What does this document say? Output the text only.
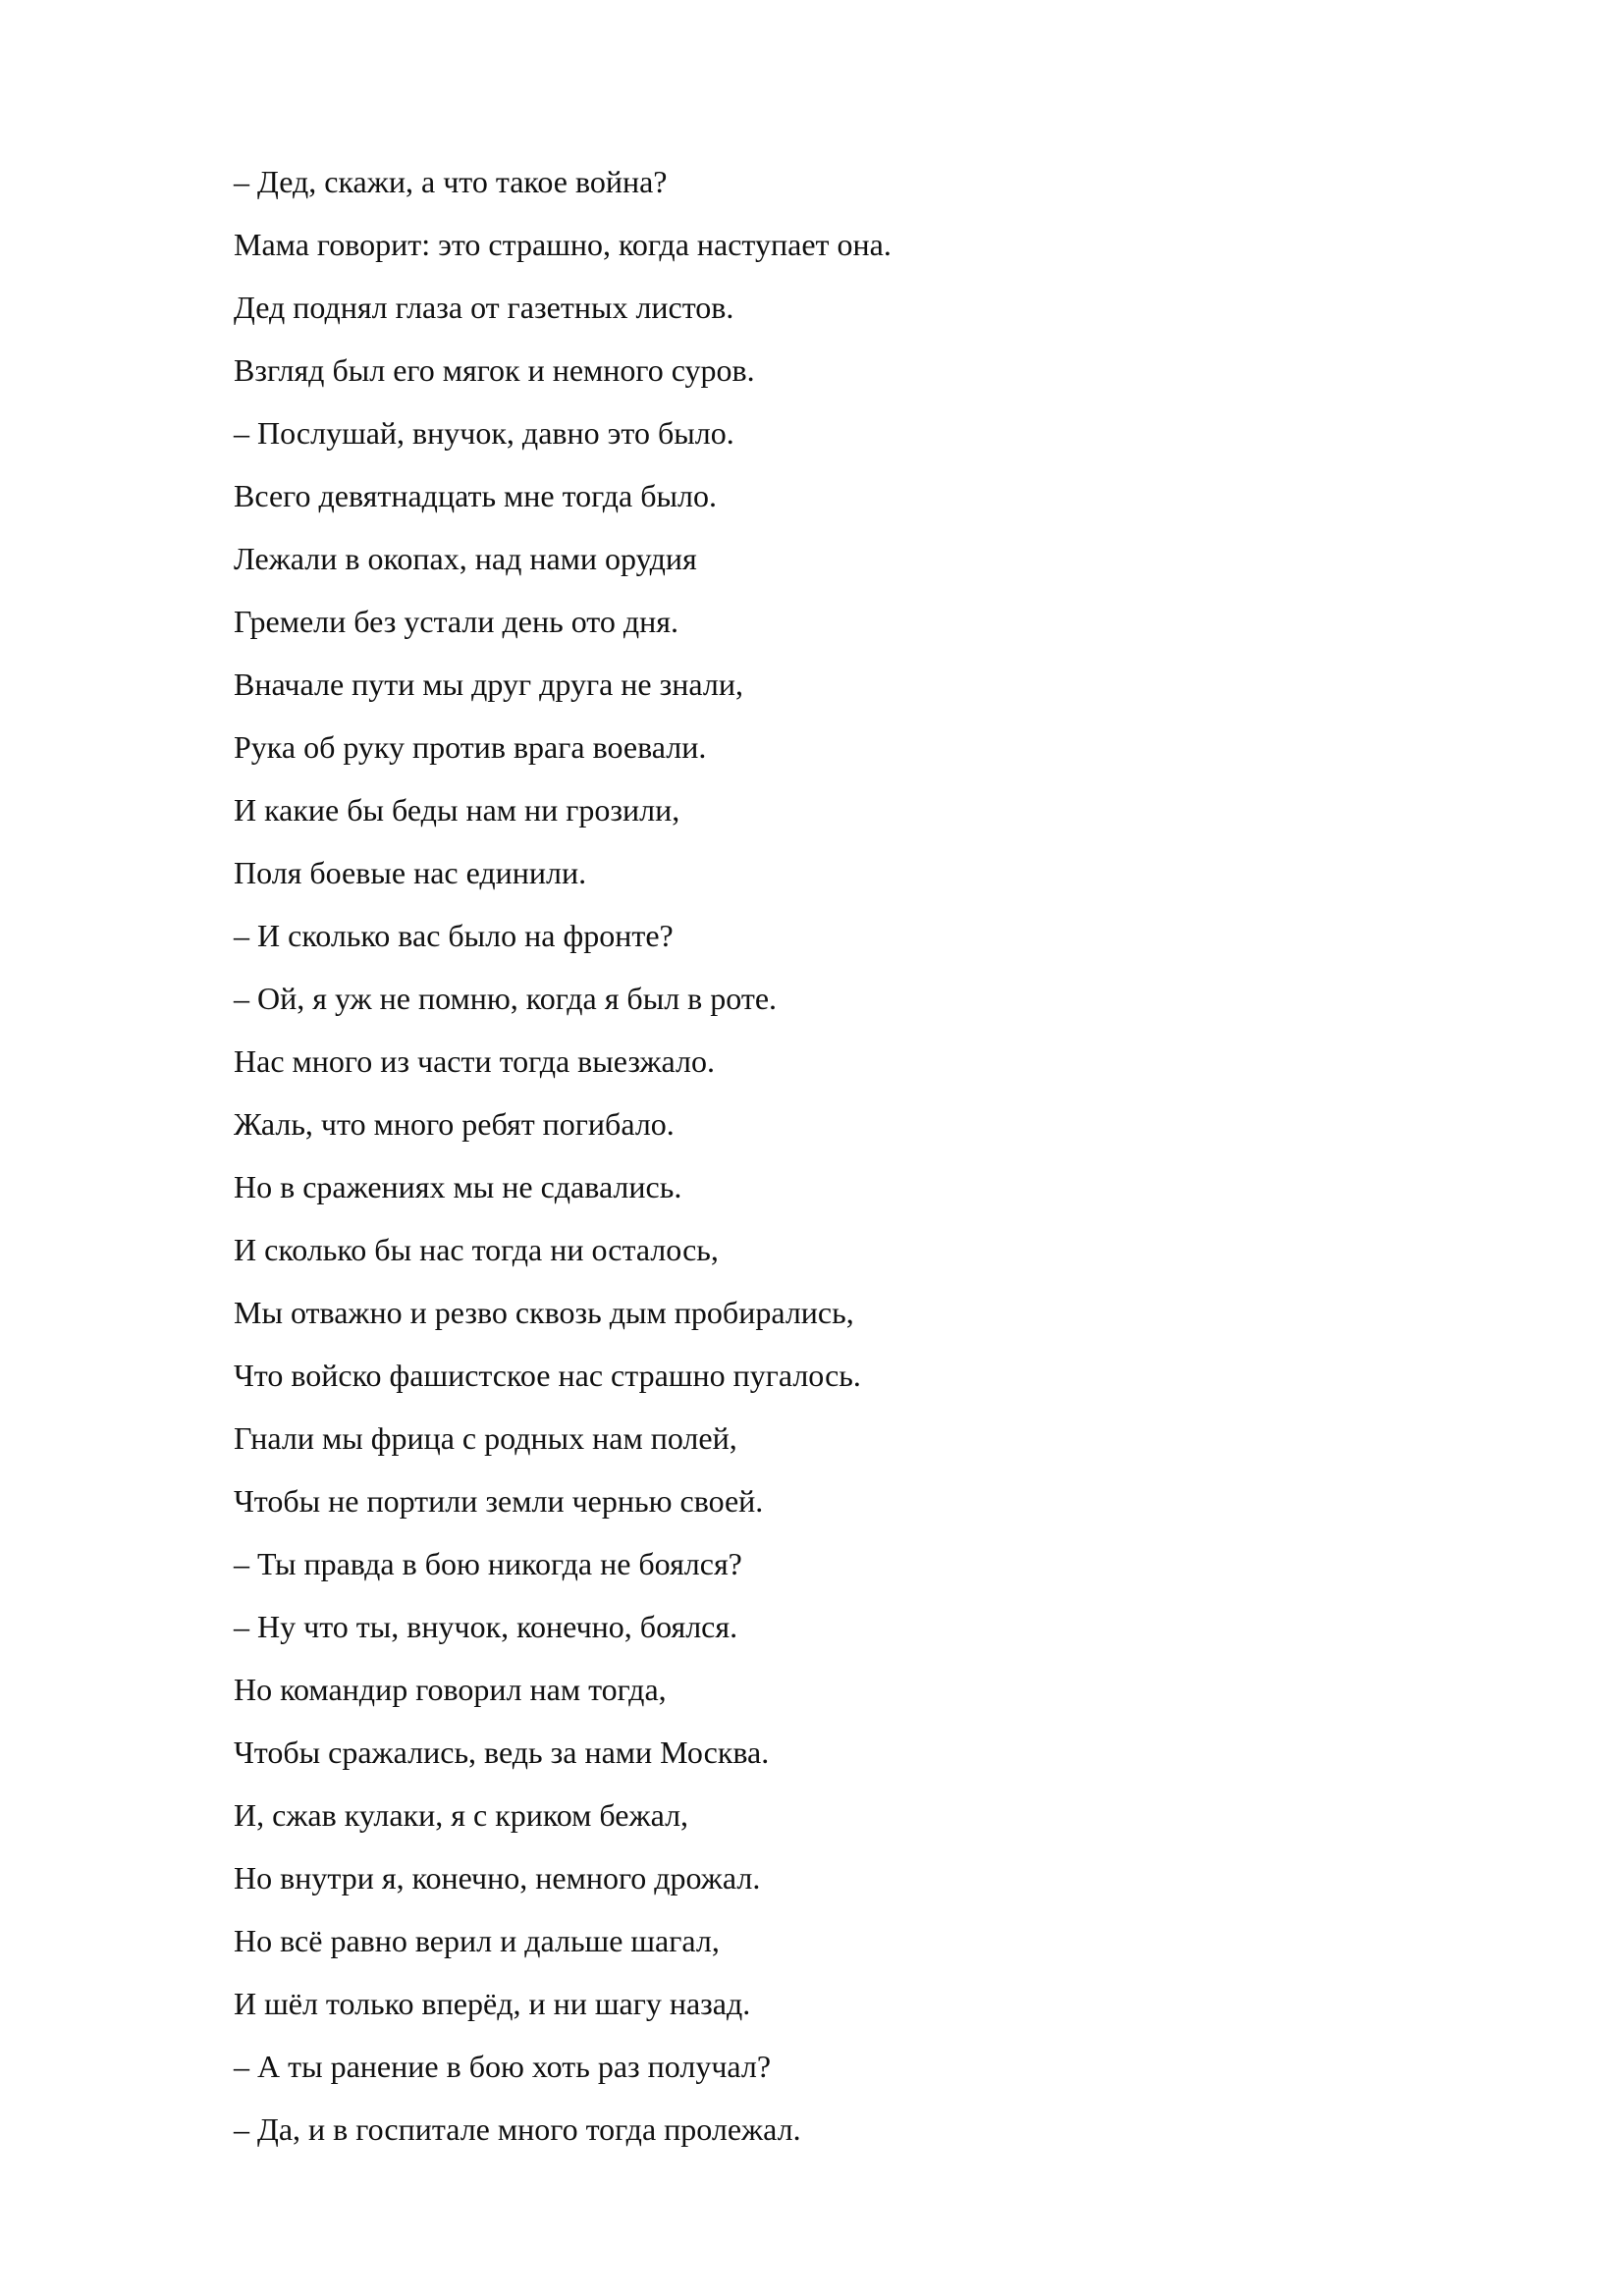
– Дед, скажи, а что такое война?
Мама говорит: это страшно, когда наступает она.
Дед поднял глаза от газетных листов.
Взгляд был его мягок и немного суров.
– Послушай, внучок, давно это было.
Всего девятнадцать мне тогда было.
Лежали в окопах, над нами орудия
Гремели без устали день ото дня.
Вначале пути мы друг друга не знали,
Рука об руку против врага воевали.
И какие бы беды нам ни грозили,
Поля боевые нас единили.
– И сколько вас было на фронте?
– Ой, я уж не помню, когда я был в роте.
Нас много из части тогда выезжало.
Жаль, что много ребят погибало.
Но в сражениях мы не сдавались.
И сколько бы нас тогда ни осталось,
Мы отважно и резво сквозь дым пробирались,
Что войско фашистское нас страшно пугалось.
Гнали мы фрица с родных нам полей,
Чтобы не портили земли чернью своей.
– Ты правда в бою никогда не боялся?
– Ну что ты, внучок, конечно, боялся.
Но командир говорил нам тогда,
Чтобы сражались, ведь за нами Москва.
И, сжав кулаки, я с криком бежал,
Но внутри я, конечно, немного дрожал.
Но всё равно верил и дальше шагал,
И шёл только вперёд, и ни шагу назад.
– А ты ранение в бою хоть раз получал?
– Да, и в госпитале много тогда пролежал.
